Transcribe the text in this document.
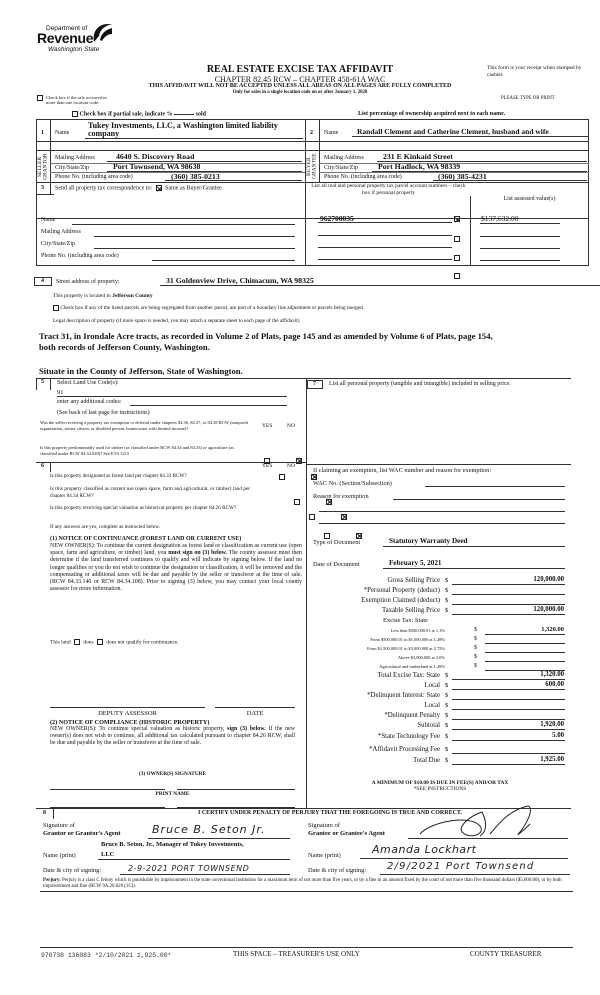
Department of
Revenue
Washington State
REAL ESTATE EXCISE TAX AFFIDAVIT
CHAPTER 82.45 RCW – CHAPTER 458-61A WAC
THIS AFFIDAVIT WILL NOT BE ACCEPTED UNLESS ALL AREAS ON ALL PAGES ARE FULLY COMPLETED
Only for sales in a single location code on or after January 1, 2020
This form is your receipt when stamped by cashier.
PLEASE TYPE OR PRINT
Check box if the sale occurred in more than one location code.
Check box if partial sale, indicate %	sold	List percentage of ownership acquired next to each name.
1
SELLER GRANTOR
Name
Tukey Investments, LLC, a Washington limited liability
company
Mailing Address	4640 S. Discovery Road
City/State/Zip	Port Townsend, WA 98638
Phone No. (including area code)	(360) 385-0213
2
BUYER GRANTEE
Name Randall Clement and Catherine Clement, husband and wife
Mailing Address 231 E Kinkaid Street
City/State/Zip	Port Hadlock, WA 98339
Phone No. (including area code)	(360) 385-4231
3 Send all property tax correspondence to: Same as Buyer/Grantee
Name
Mailing Address
City/State/Zip
Phone No. (including area code)
List all real and personal property tax parcel account numbers – check box if personal property
List assessed value(s)
962700035	$137,632.00
4 Street address of property:	31 Goldenview Drive, Chimacum, WA 98325
This property is located in Jefferson County
Check box if any of the listed parcels are being segregated from another parcel, are part of a boundary line adjustment or parcels being merged.
Legal description of property (if more space is needed, you may attach a separate sheet to each page of the affidavit)
Tract 31, in Irondale Acre tracts, as recorded in Volume 2 of Plats, page 145 and as amended by Volume 6 of Plats, page 154,
both records of Jefferson County, Washington.
Situate in the County of Jefferson, State of Washington.
5 Select Land Use Code(s):
91
enter any additional codes:
(See back of last page for instructions)
YES	NO
Was the seller receiving a property tax exemption or deferral under chapters 84.36, 84.37, or 84.38 RCW (nonprofit organization, senior citizen, or disabled person, homeowner with limited income)?

Is this property predominantly used for timber (as classified under RCW 84.34 and 84.33) or agriculture (as classified under RCW 84.34.020)? See ETA 3215

6	YES	NO
Is this property designated as forest land per chapter 84.33 RCW?

Is this property classified as current use (open space, farm and agricultural, or timber) land per chapter 84.34 RCW?

Is this property receiving special valuation as historical property per chapter 84.26 RCW?

If any answers are yes, complete as instructed below.
(1) NOTICE OF CONTINUANCE (FOREST LAND OR CURRENT USE)
NEW OWNER(S): To continue the current designation as forest land or classification as current use (open space, farm and agriculture, or timber) land, you must sign on (3) below. The county assessor must then determine if the land transferred continues to qualify and will indicate by signing below. If the land no longer qualifies or you do not wish to continue the designation or classification, it will be removed and the compensating or additional taxes will be due and payable by the seller or transferor at the time of sale. (RCW 84.33.140 or RCW 84.34.108). Prior to signing (3) below, you may contact your local county assessor for more information.
This land does does not qualify for continuance.
DEPUTY ASSESSOR	DATE
(2) NOTICE OF COMPLIANCE (HISTORIC PROPERTY)
NEW OWNER(S): To continue special valuation as historic property, sign (3) below. If the new owner(s) does not wish to continue, all additional tax calculated pursuant to chapter 84.26 RCW, shall be due and payable by the seller or transferor at the time of sale.
(3) OWNER(S) SIGNATURE
PRINT NAME
7 List all personal property (tangible and intangible) included in selling price.
If claiming an exemption, list WAC number and reason for exemption:
WAC No. (Section/Subsection)
Reason for exemption
Type of Document	Statutory Warranty Deed
Date of Document	February 5, 2021
Gross Selling Price $	120,000.00
*Personal Property (deduct) $
Exemption Claimed (deduct) $
Taxable Selling Price $	120,000.00
Excise Tax: State
Less than $500,000.01 at 1.1%	$	1,320.00
From $500,000.01 to $1,500,000 at 1.28%	$
From $1,500,000.01 to $3,000,000 at 2.75%	$
Above $3,000,000 at 3.0%	$
Agricultural and timberland at 1.28%	$
Total Excise Tax: State $	1,320.00
Local $	600.00
*Delinquent Interest: State $
Local $
*Delinquent Penalty $
Subtotal $	1,920.00
*State Technology Fee $	5.00
*Affidavit Processing Fee $
Total Due $	1,925.00
A MINIMUM OF $10.00 IS DUE IN FEE(S) AND/OR TAX
*SEE INSTRUCTIONS
8	I CERTIFY UNDER PENALTY OF PERJURY THAT THE FOREGOING IS TRUE AND CORRECT.
Signature of
Grantor or Grantor's Agent	Bruce B. Seton Jr.
Name (print)
Bruce B. Seton, Jr., Manager of Tukey Investments,
LLC
Date & city of signing:	2-9-2021 PORT TOWNSEND
Signature of
Grantee or Grantee's Agent
Name (print)	Amanda Lockhart
Date & city of signing: 2/9/2021 Port Townsend
Perjury: Perjury is a class C felony which is punishable by imprisonment in the state correctional institution for a maximum term of not more than five years, or by a fine in an amount fixed by the court of not more than five thousand dollars ($5,000.00), or by both imprisonment and fine (RCW 9A.20.020 (1C)).
976738 136083 *2/10/2021 1,925.00*	THIS SPACE – TREASURER'S USE ONLY	COUNTY TREASURER
